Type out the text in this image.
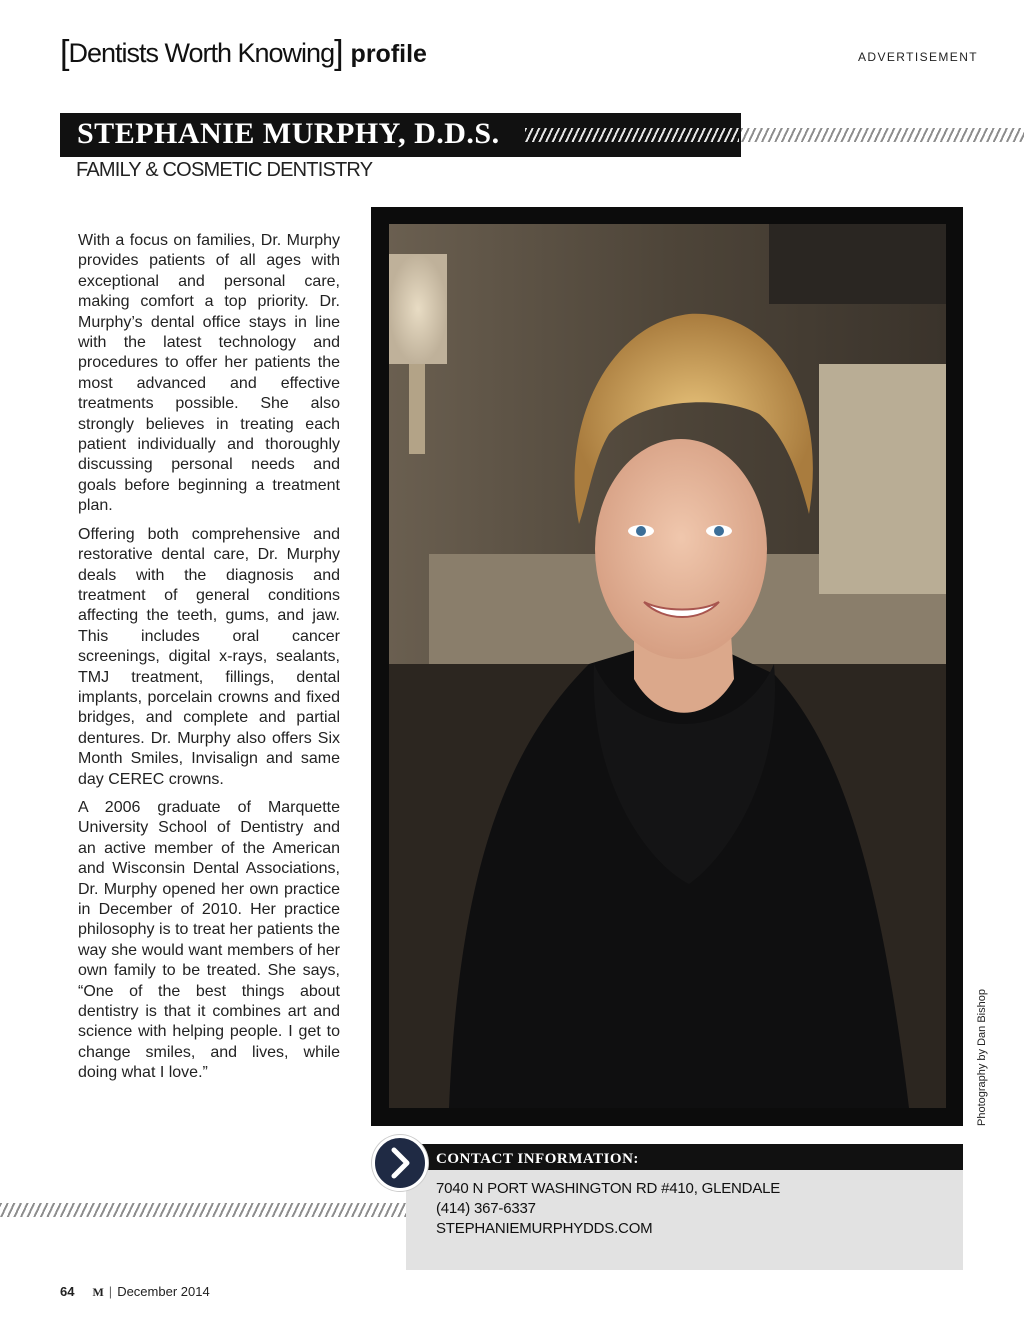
[Dentists Worth Knowing] profile	ADVERTISEMENT
STEPHANIE MURPHY, D.D.S.
FAMILY & COSMETIC DENTISTRY

With a focus on families, Dr. Murphy provides patients of all ages with exceptional and personal care, making comfort a top priority. Dr. Murphy’s dental office stays in line with the latest technology and procedures to offer her patients the most advanced and effective treatments possible. She also strongly believes in treating each patient individually and thoroughly discussing personal needs and goals before beginning a treatment plan.

Offering both comprehensive and restorative dental care, Dr. Murphy deals with the diagnosis and treatment of general conditions affecting the teeth, gums, and jaw. This includes oral cancer screenings, digital x-rays, sealants, TMJ treatment, fillings, dental implants, porcelain crowns and fixed bridges, and complete and partial dentures. Dr. Murphy also offers Six Month Smiles, Invisalign and same day CEREC crowns.

A 2006 graduate of Marquette University School of Dentistry and an active member of the American and Wisconsin Dental Associations, Dr. Murphy opened her own practice in December of 2010. Her practice philosophy is to treat her patients the way she would want members of her own family to be treated. She says, “One of the best things about dentistry is that it combines art and science with helping people. I get to change smiles, and lives, while doing what I love.”	Photography by Dan Bishop
CONTACT INFORMATION:
7040 N PORT WASHINGTON RD #410, GLENDALE
(414) 367-6337
STEPHANIEMURPHYDDS.COM
64 M | December 2014
